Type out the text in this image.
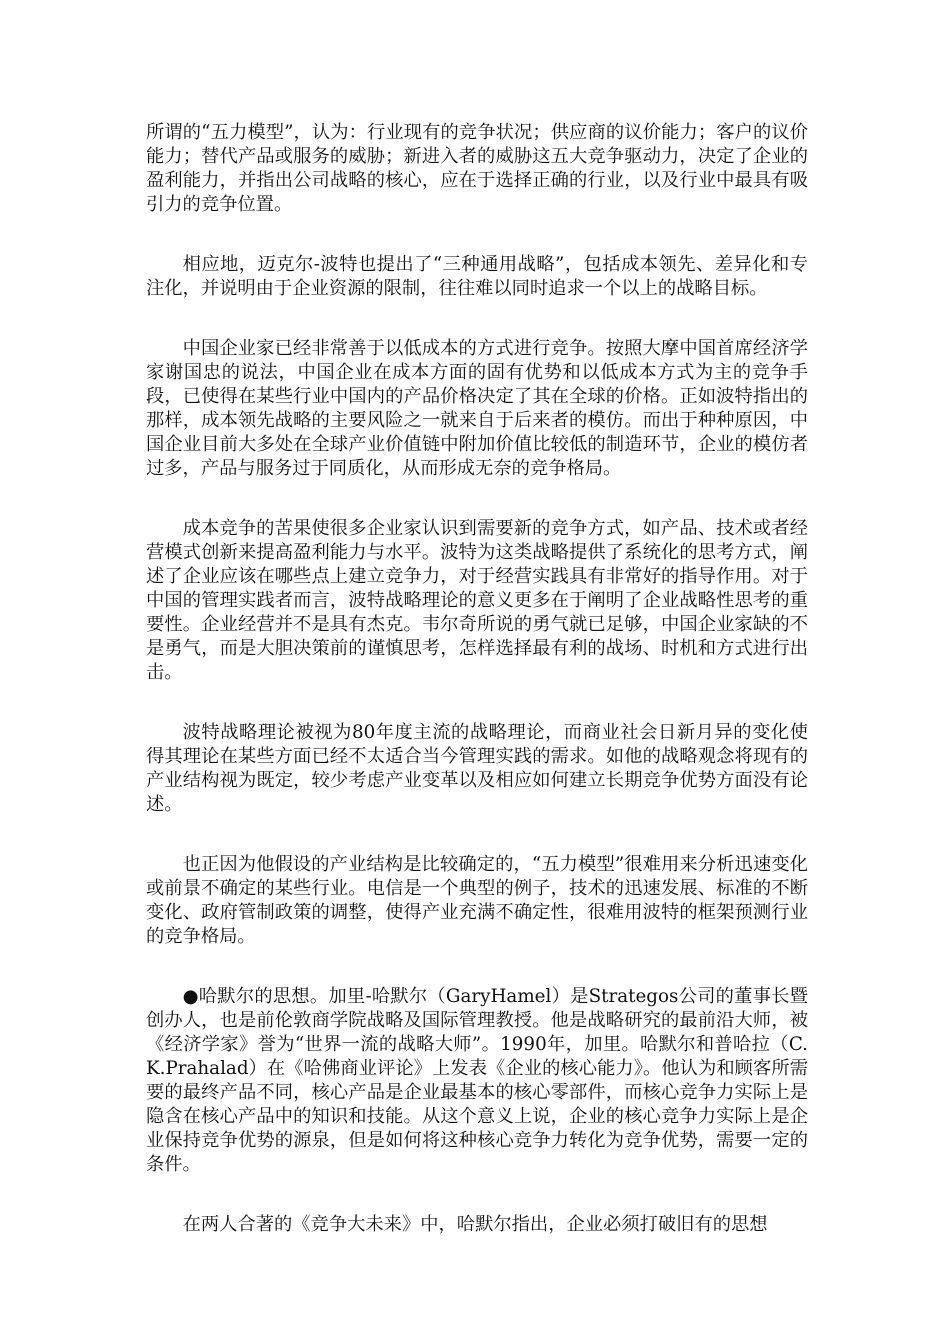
所谓的“五力模型”，认为：行业现有的竞争状况；供应商的议价能力；客户的议价能力；替代产品或服务的威胁；新进入者的威胁这五大竞争驱动力，决定了企业的盈利能力，并指出公司战略的核心，应在于选择正确的行业，以及行业中最具有吸引力的竞争位置。

相应地，迈克尔-波特也提出了“三种通用战略”，包括成本领先、差异化和专注化，并说明由于企业资源的限制，往往难以同时追求一个以上的战略目标。

中国企业家已经非常善于以低成本的方式进行竞争。按照大摩中国首席经济学家谢国忠的说法，中国企业在成本方面的固有优势和以低成本方式为主的竞争手段，已使得在某些行业中国内的产品价格决定了其在全球的价格。正如波特指出的那样，成本领先战略的主要风险之一就来自于后来者的模仿。而出于种种原因，中国企业目前大多处在全球产业价值链中附加价值比较低的制造环节，企业的模仿者过多，产品与服务过于同质化，从而形成无奈的竞争格局。

成本竞争的苦果使很多企业家认识到需要新的竞争方式，如产品、技术或者经营模式创新来提高盈利能力与水平。波特为这类战略提供了系统化的思考方式，阐述了企业应该在哪些点上建立竞争力，对于经营实践具有非常好的指导作用。对于中国的管理实践者而言，波特战略理论的意义更多在于阐明了企业战略性思考的重要性。企业经营并不是具有杰克。韦尔奇所说的勇气就已足够，中国企业家缺的不是勇气，而是大胆决策前的谨慎思考，怎样选择最有利的战场、时机和方式进行出击。

波特战略理论被视为80年度主流的战略理论，而商业社会日新月异的变化使得其理论在某些方面已经不太适合当今管理实践的需求。如他的战略观念将现有的产业结构视为既定，较少考虑产业变革以及相应如何建立长期竞争优势方面没有论述。

也正因为他假设的产业结构是比较确定的，“五力模型”很难用来分析迅速变化或前景不确定的某些行业。电信是一个典型的例子，技术的迅速发展、标准的不断变化、政府管制政策的调整，使得产业充满不确定性，很难用波特的框架预测行业的竞争格局。

●哈默尔的思想。加里-哈默尔（GaryHamel）是Strategos公司的董事长暨创办人，也是前伦敦商学院战略及国际管理教授。他是战略研究的最前沿大师，被《经济学家》誉为“世界一流的战略大师”。1990年，加里。哈默尔和普哈拉（C.K.Prahalad）在《哈佛商业评论》上发表《企业的核心能力》。他认为和顾客所需要的最终产品不同，核心产品是企业最基本的核心零部件，而核心竞争力实际上是隐含在核心产品中的知识和技能。从这个意义上说，企业的核心竞争力实际上是企业保持竞争优势的源泉，但是如何将这种核心竞争力转化为竞争优势，需要一定的条件。

在两人合著的《竞争大未来》中，哈默尔指出，企业必须打破旧有的思想
